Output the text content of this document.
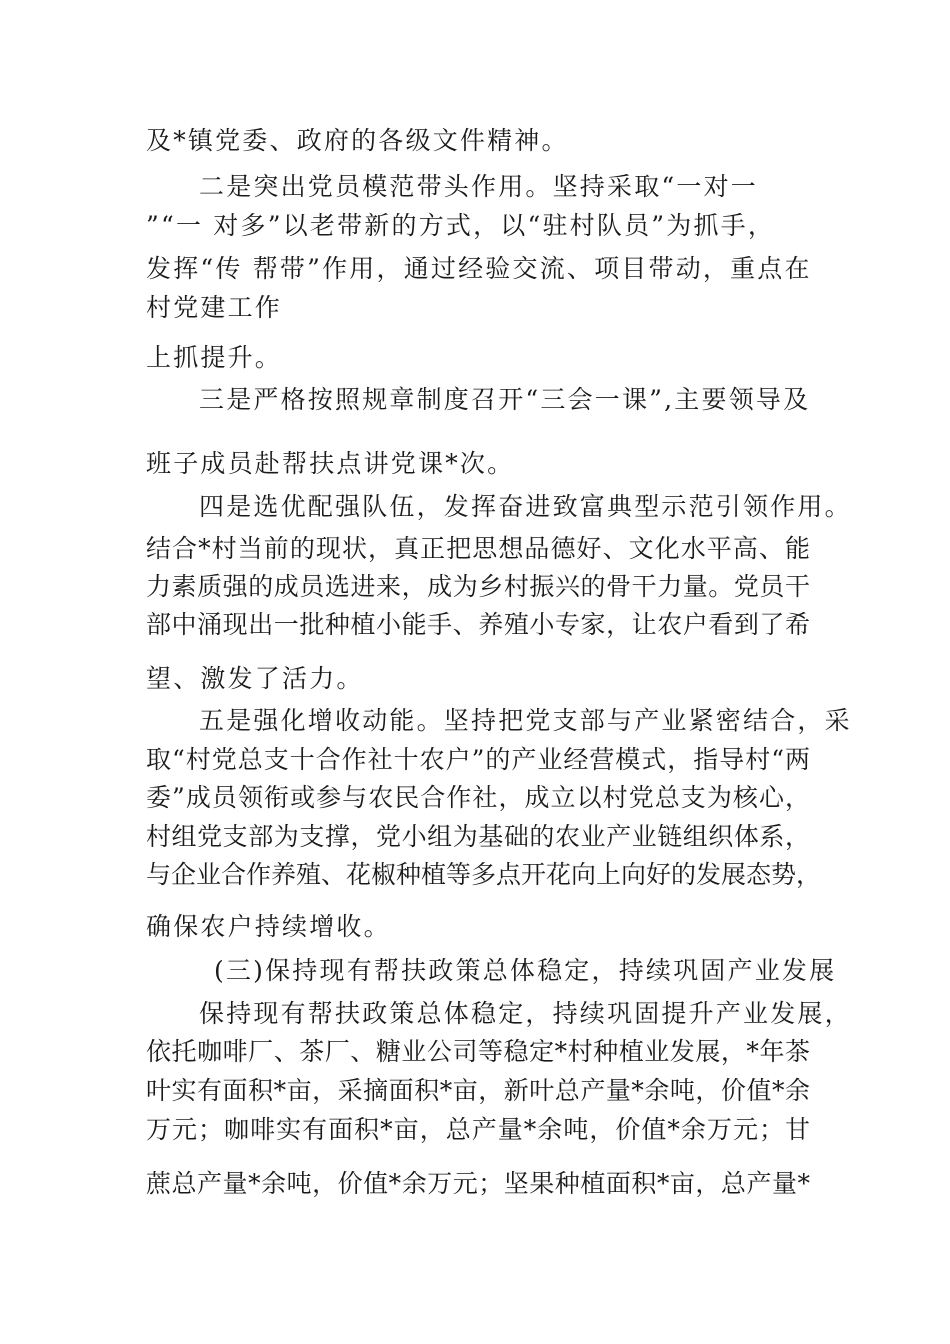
及*镇党委、政府的各级文件精神。
二是突出党员模范带头作用。坚持采取“一对一
”“一 对多”以老带新的方式，以“驻村队员”为抓手，
发挥“传 帮带”作用，通过经验交流、项目带动，重点在
村党建工作
上抓提升。
三是严格按照规章制度召开“三会一课”,主要领导及
班子成员赴帮扶点讲党课*次。
四是选优配强队伍，发挥奋进致富典型示范引领作用。
结合*村当前的现状，真正把思想品德好、文化水平高、能
力素质强的成员选进来，成为乡村振兴的骨干力量。党员干
部中涌现出一批种植小能手、养殖小专家，让农户看到了希
望、激发了活力。
五是强化增收动能。坚持把党支部与产业紧密结合，采
取“村党总支十合作社十农户”的产业经营模式，指导村“两
委”成员领衔或参与农民合作社，成立以村党总支为核心，
村组党支部为支撑，党小组为基础的农业产业链组织体系，
与企业合作养殖、花椒种植等多点开花向上向好的发展态势，
确保农户持续增收。
(三)保持现有帮扶政策总体稳定，持续巩固产业发展
保持现有帮扶政策总体稳定，持续巩固提升产业发展，
依托咖啡厂、茶厂、糖业公司等稳定*村种植业发展，*年茶
叶实有面积*亩，采摘面积*亩，新叶总产量*余吨，价值*余
万元；咖啡实有面积*亩，总产量*余吨，价值*余万元；甘
蔗总产量*余吨，价值*余万元；坚果种植面积*亩，总产量*
